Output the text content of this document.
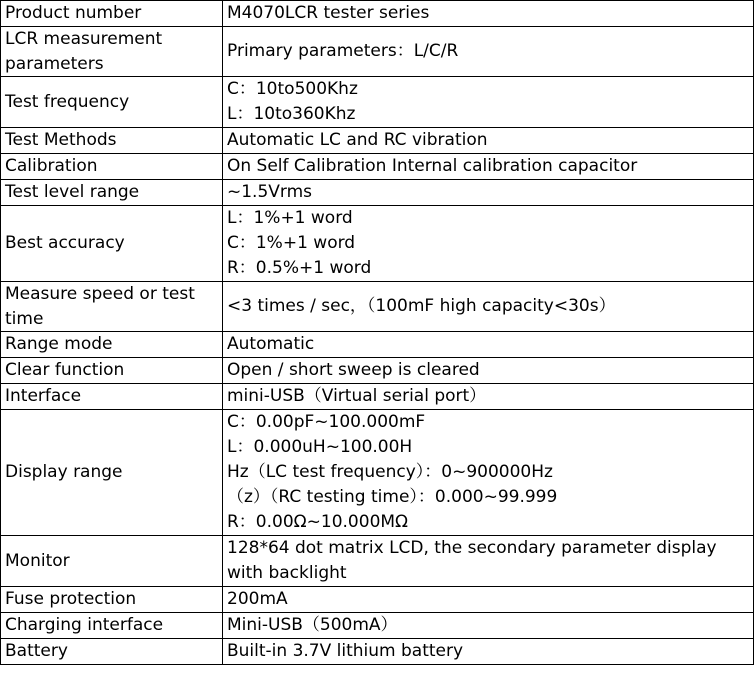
Product number	M4070LCR tester series

LCR measurement parameters	Primary parameters：L/C/R

Test frequency	C：10to500Khz
L：10to360Khz

Test Methods	Automatic LC and RC vibration

Calibration	On Self Calibration Internal calibration capacitor

Test level range	~1.5Vrms

Best accuracy	L：1%+1 word
C：1%+1 word
R：0.5%+1 word

Measure speed or test time	<3 times / sec，（100mF high capacity<30s）

Range mode	Automatic

Clear function	Open / short sweep is cleared

Interface	mini-USB（Virtual serial port）

Display range	C：0.00pF~100.000mF
L：0.000uH~100.00H
Hz（LC test frequency）：0~900000Hz
（z）（RC testing time）：0.000~99.999
R：0.00Ω~10.000MΩ

Monitor	128*64 dot matrix LCD, the secondary parameter display
with backlight

Fuse protection	200mA

Charging interface	Mini-USB（500mA）

Battery	Built-in 3.7V lithium battery
